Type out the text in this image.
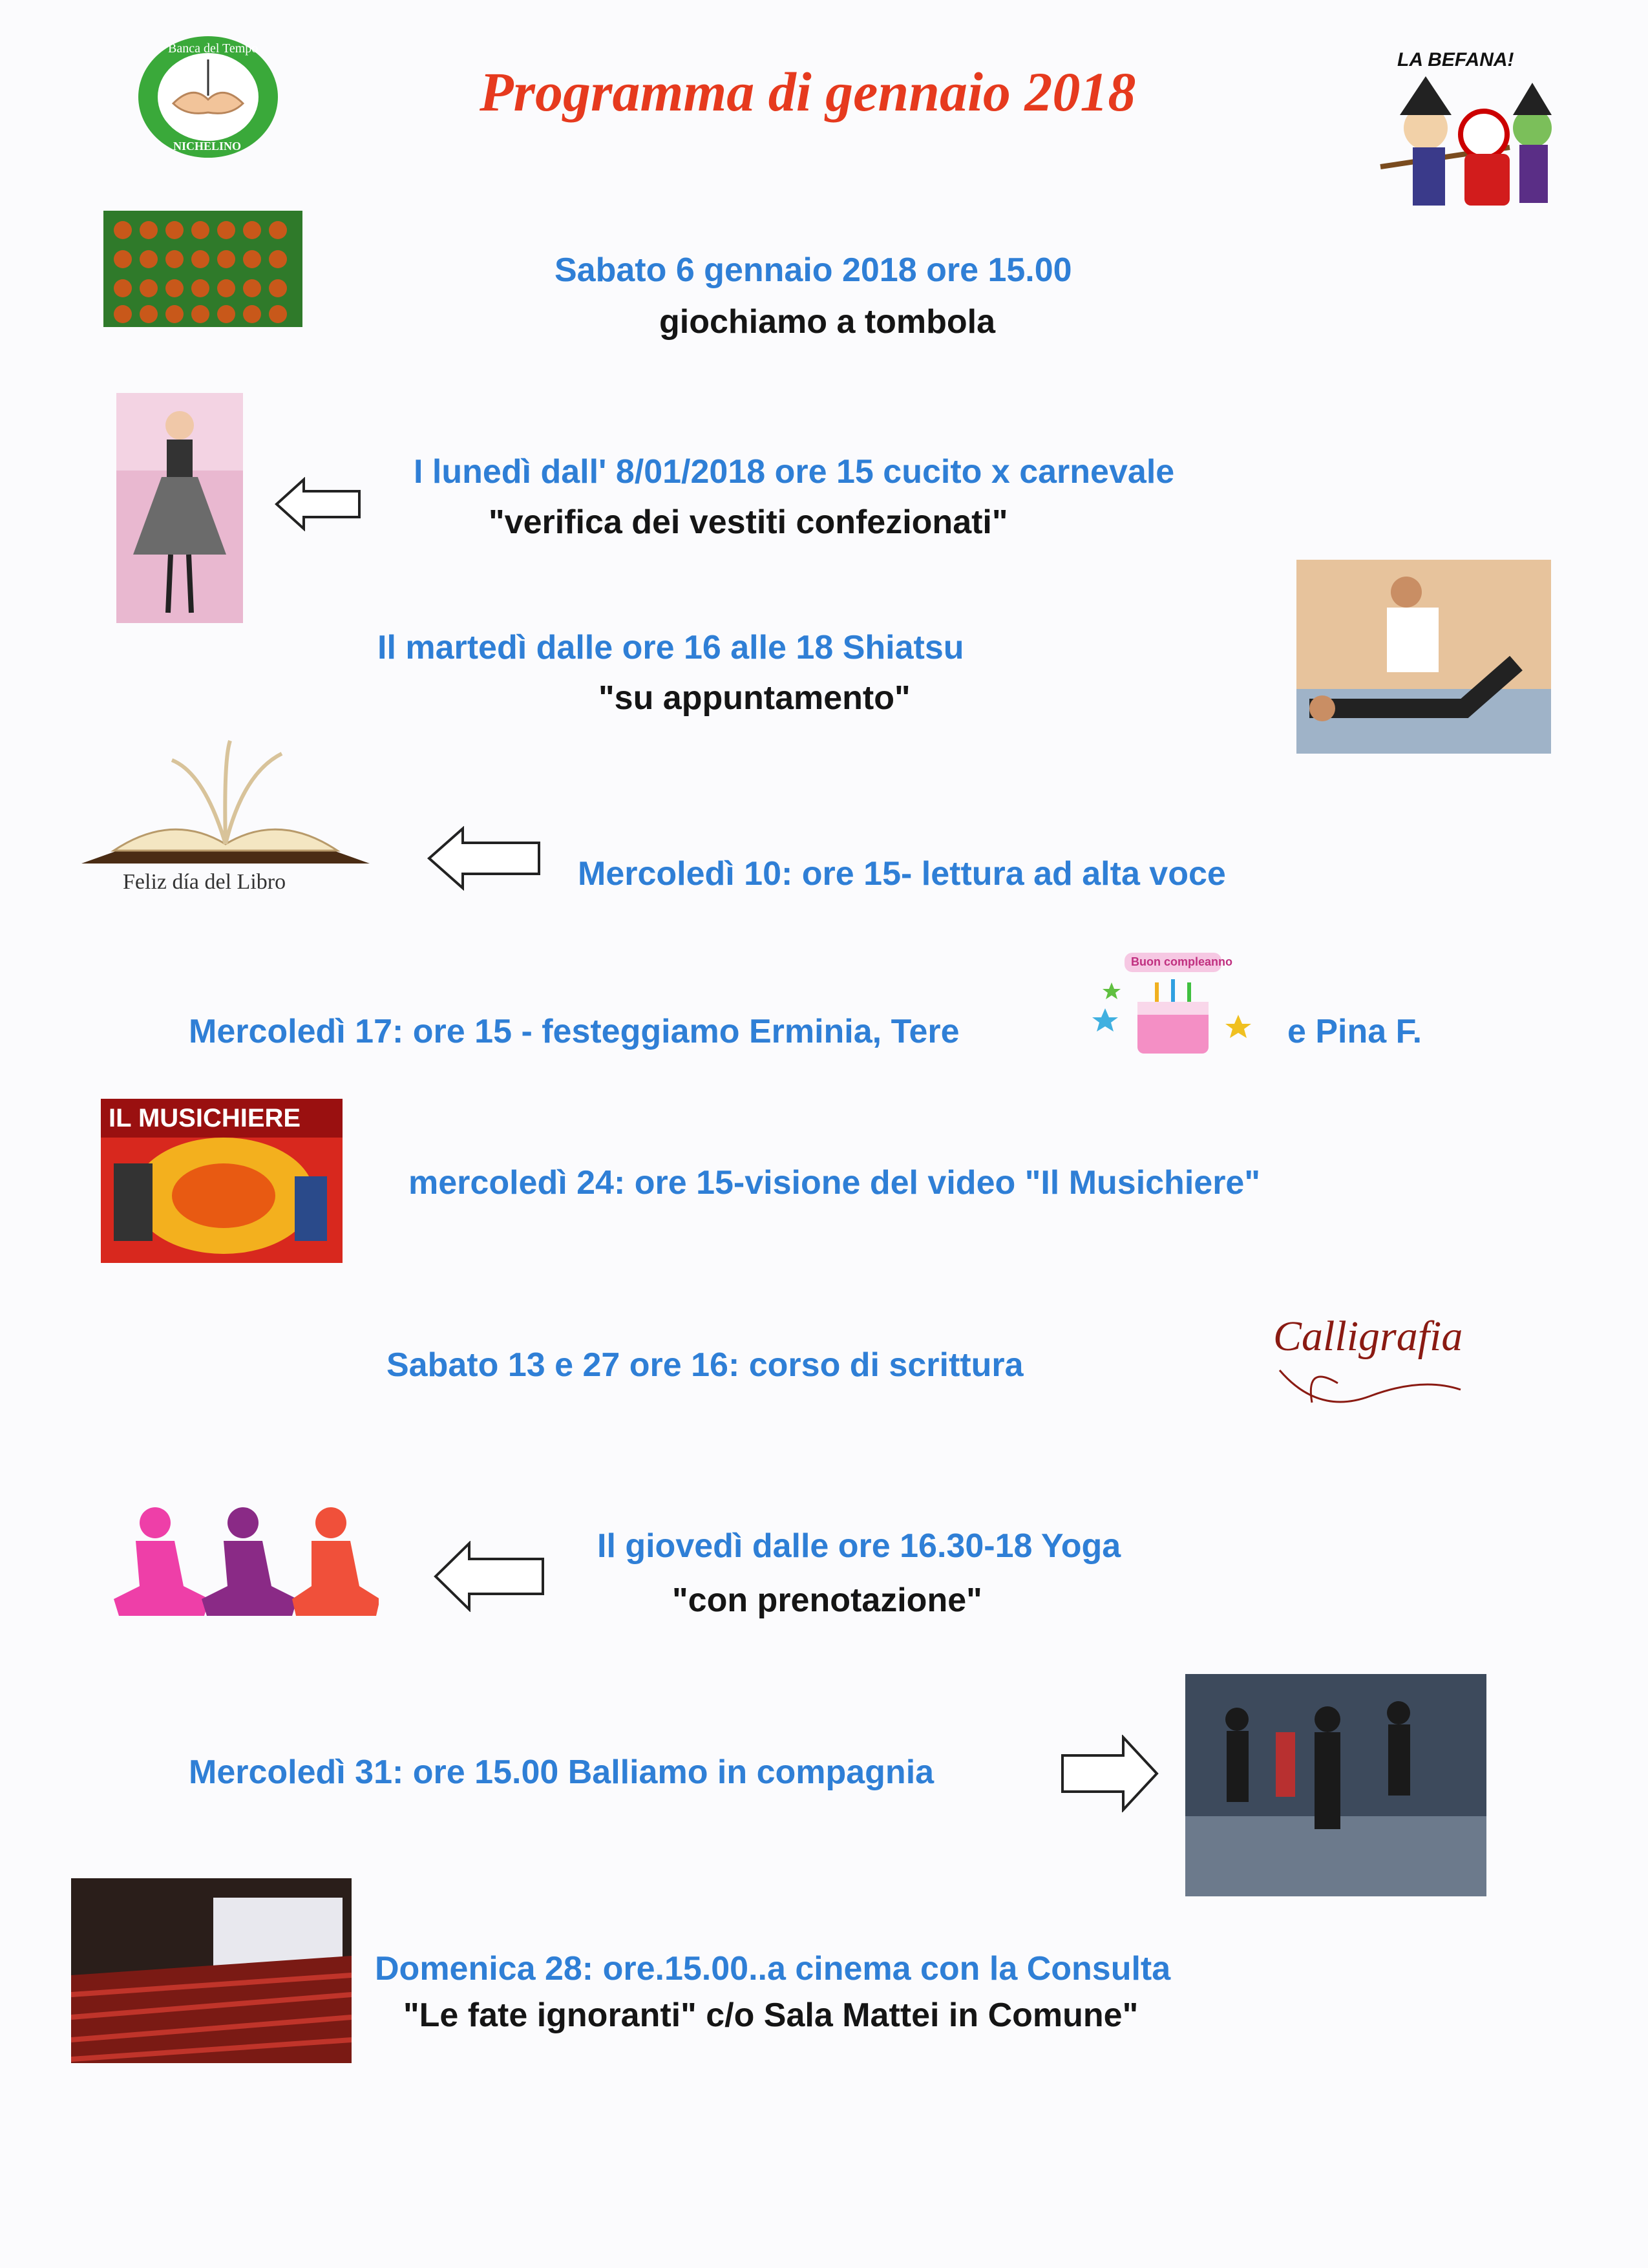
Banca del Tempo
NICHELINO
Programma di gennaio 2018
LA BEFANA!
Sabato 6 gennaio 2018 ore 15.00
giochiamo a tombola
I lunedì dall' 8/01/2018 ore 15 cucito x carnevale
"verifica dei vestiti confezionati"
Il martedì dalle ore 16 alle 18 Shiatsu
"su appuntamento"
Feliz día del Libro	Mercoledì 10: ore 15- lettura ad alta voce
Mercoledì 17: ore 15 - festeggiamo Erminia, Tere
Buon compleanno
e Pina F.
IL MUSICHIERE
mercoledì 24: ore 15-visione del video "Il Musichiere"
Sabato 13 e 27 ore 16: corso di scrittura
Calligrafia
Il giovedì dalle ore 16.30-18 Yoga
"con prenotazione"
Mercoledì 31: ore 15.00 Balliamo in compagnia
Domenica 28: ore.15.00..a cinema con la Consulta
"Le fate ignoranti" c/o Sala Mattei in Comune"
